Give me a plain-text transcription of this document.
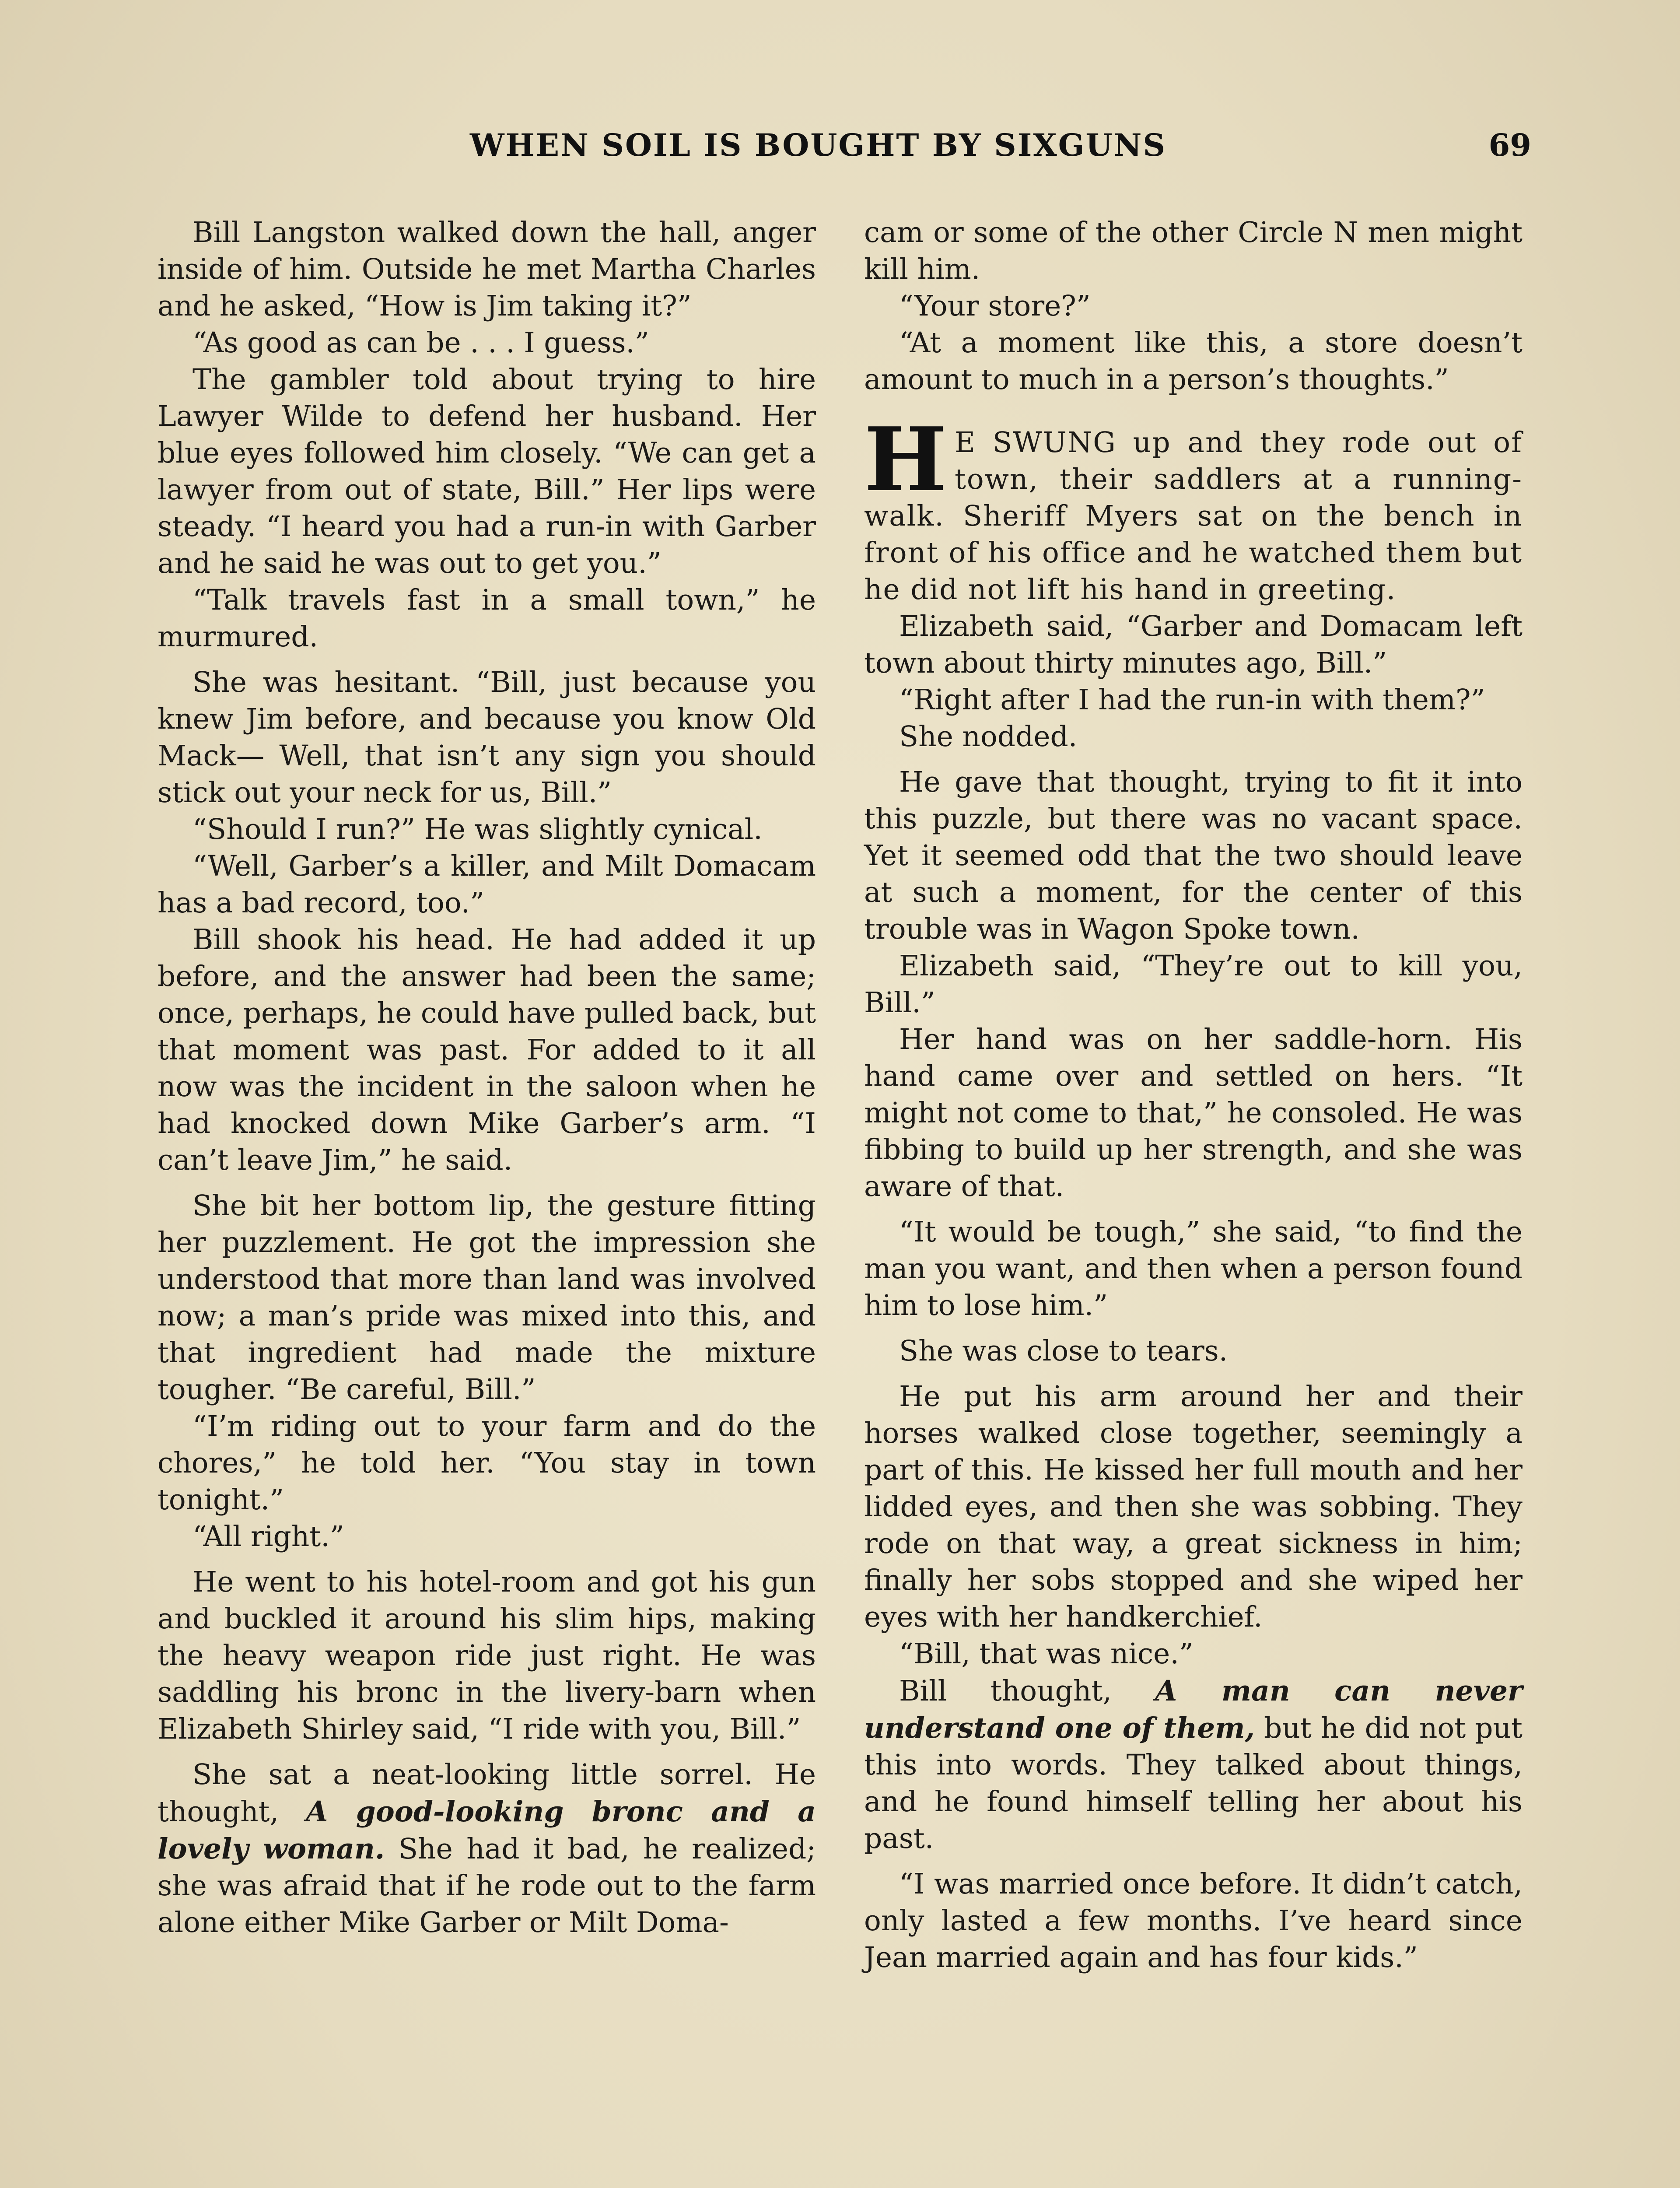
WHEN SOIL IS BOUGHT BY SIXGUNS	69

Bill Langston walked down the hall, anger inside of him. Outside he met Martha Charles and he asked, “How is Jim taking it?”

“As good as can be . . . I guess.”

The gambler told about trying to hire Lawyer Wilde to defend her husband. Her blue eyes followed him closely. “We can get a lawyer from out of state, Bill.” Her lips were steady. “I heard you had a run-in with Garber and he said he was out to get you.”

“Talk travels fast in a small town,” he murmured.

She was hesitant. “Bill, just because you knew Jim before, and because you know Old Mack— Well, that isn’t any sign you should stick out your neck for us, Bill.”

“Should I run?” He was slightly cynical.

“Well, Garber’s a killer, and Milt Domacam has a bad record, too.”

Bill shook his head. He had added it up before, and the answer had been the same; once, perhaps, he could have pulled back, but that moment was past. For added to it all now was the incident in the saloon when he had knocked down Mike Garber’s arm. “I can’t leave Jim,” he said.

She bit her bottom lip, the gesture fitting her puzzlement. He got the impression she understood that more than land was involved now; a man’s pride was mixed into this, and that ingredient had made the mixture tougher. “Be careful, Bill.”

“I’m riding out to your farm and do the chores,” he told her. “You stay in town tonight.”

“All right.”

He went to his hotel-room and got his gun and buckled it around his slim hips, making the heavy weapon ride just right. He was saddling his bronc in the livery-barn when Elizabeth Shirley said, “I ride with you, Bill.”

She sat a neat-looking little sorrel. He thought, A good-looking bronc and a lovely woman. She had it bad, he realized; she was afraid that if he rode out to the farm alone either Mike Garber or Milt Doma-

cam or some of the other Circle N men might kill him.

“Your store?”

“At a moment like this, a store doesn’t amount to much in a person’s thoughts.”

H E SWUNG up and they rode out of town, their saddlers at a running-walk. Sheriff Myers sat on the bench in front of his office and he watched them but he did not lift his hand in greeting.

Elizabeth said, “Garber and Domacam left town about thirty minutes ago, Bill.”

“Right after I had the run-in with them?”

She nodded.

He gave that thought, trying to fit it into this puzzle, but there was no vacant space. Yet it seemed odd that the two should leave at such a moment, for the center of this trouble was in Wagon Spoke town.

Elizabeth said, “They’re out to kill you, Bill.”

Her hand was on her saddle-horn. His hand came over and settled on hers. “It might not come to that,” he consoled. He was fibbing to build up her strength, and she was aware of that.

“It would be tough,” she said, “to find the man you want, and then when a person found him to lose him.”

She was close to tears.

He put his arm around her and their horses walked close together, seemingly a part of this. He kissed her full mouth and her lidded eyes, and then she was sobbing. They rode on that way, a great sickness in him; finally her sobs stopped and she wiped her eyes with her handkerchief.

“Bill, that was nice.”

Bill thought, A man can never understand one of them, but he did not put this into words. They talked about things, and he found himself telling her about his past.

“I was married once before. It didn’t catch, only lasted a few months. I’ve heard since Jean married again and has four kids.”
